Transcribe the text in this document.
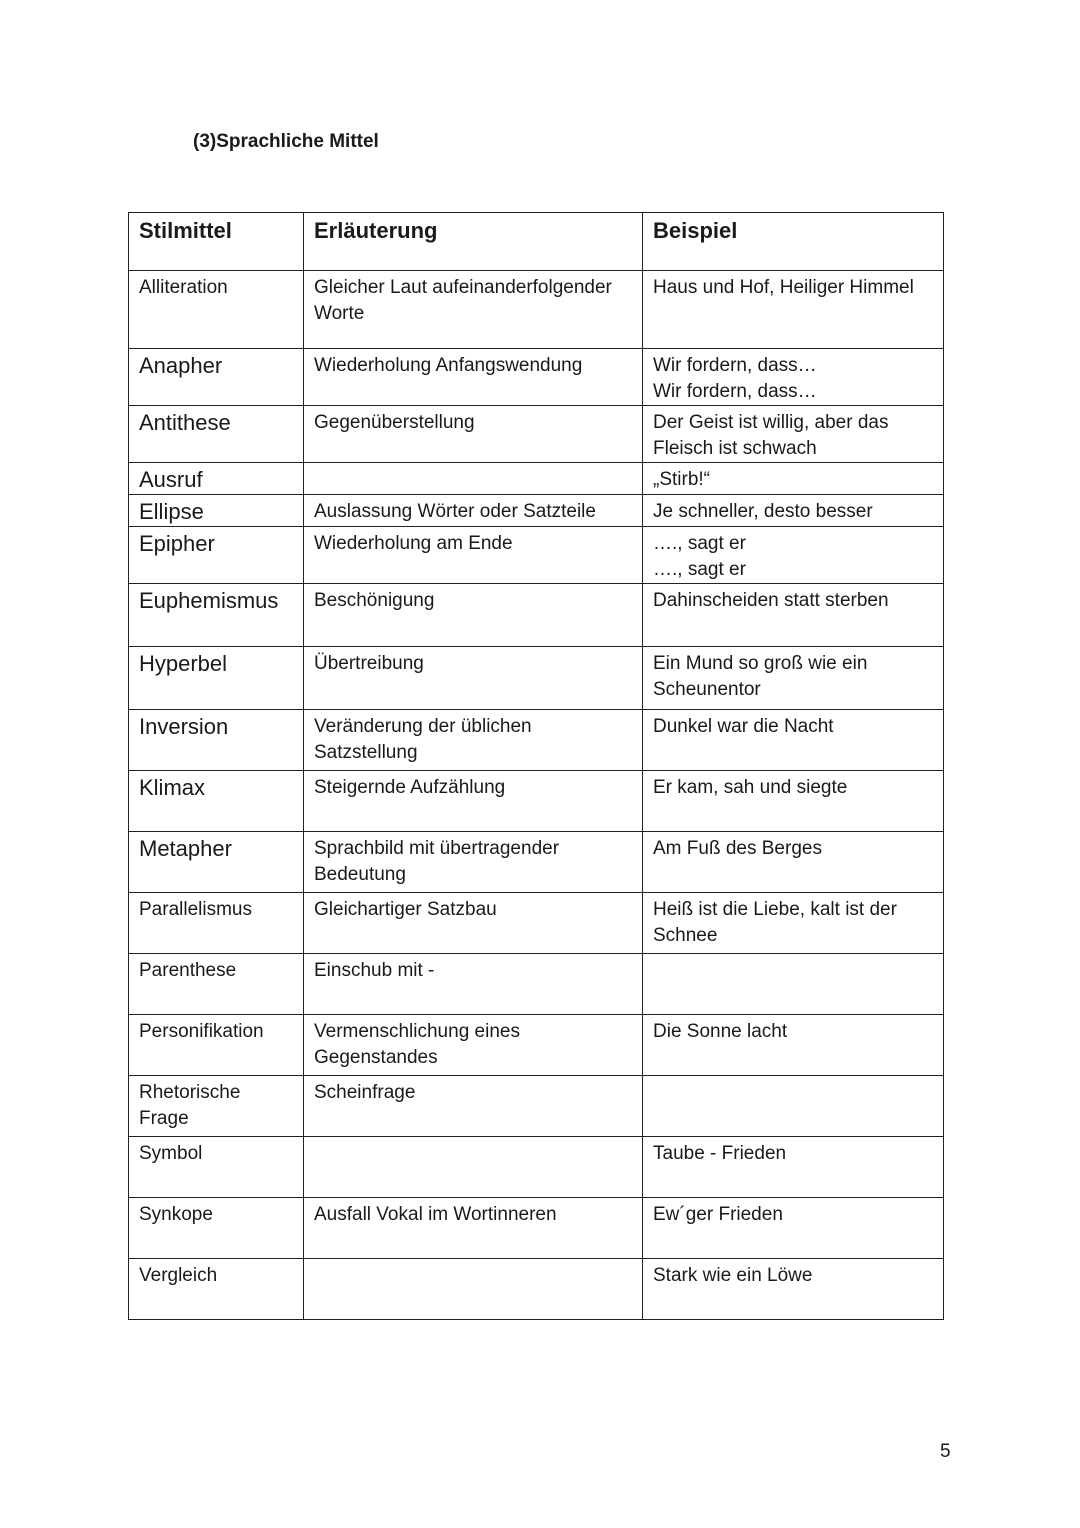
(3)Sprachliche Mittel
Stilmittel	Erläuterung	Beispiel
Alliteration	Gleicher Laut aufeinanderfolgender Worte	Haus und Hof, Heiliger Himmel
Anapher	Wiederholung Anfangswendung	Wir fordern, dass…
Wir fordern, dass…
Antithese	Gegenüberstellung	Der Geist ist willig, aber das Fleisch ist schwach
Ausruf		„Stirb!“
Ellipse	Auslassung Wörter oder Satzteile	Je schneller, desto besser
Epipher	Wiederholung am Ende	…., sagt er
…., sagt er
Euphemismus	Beschönigung	Dahinscheiden statt sterben
Hyperbel	Übertreibung	Ein Mund so groß wie ein Scheunentor
Inversion	Veränderung der üblichen Satzstellung	Dunkel war die Nacht
Klimax	Steigernde Aufzählung	Er kam, sah und siegte
Metapher	Sprachbild mit übertragender Bedeutung	Am Fuß des Berges
Parallelismus	Gleichartiger Satzbau	Heiß ist die Liebe, kalt ist der Schnee
Parenthese	Einschub mit -	
Personifikation	Vermenschlichung eines Gegenstandes	Die Sonne lacht
Rhetorische Frage	Scheinfrage	
Symbol		Taube - Frieden
Synkope	Ausfall Vokal im Wortinneren	Ew´ger Frieden
Vergleich		Stark wie ein Löwe
5
